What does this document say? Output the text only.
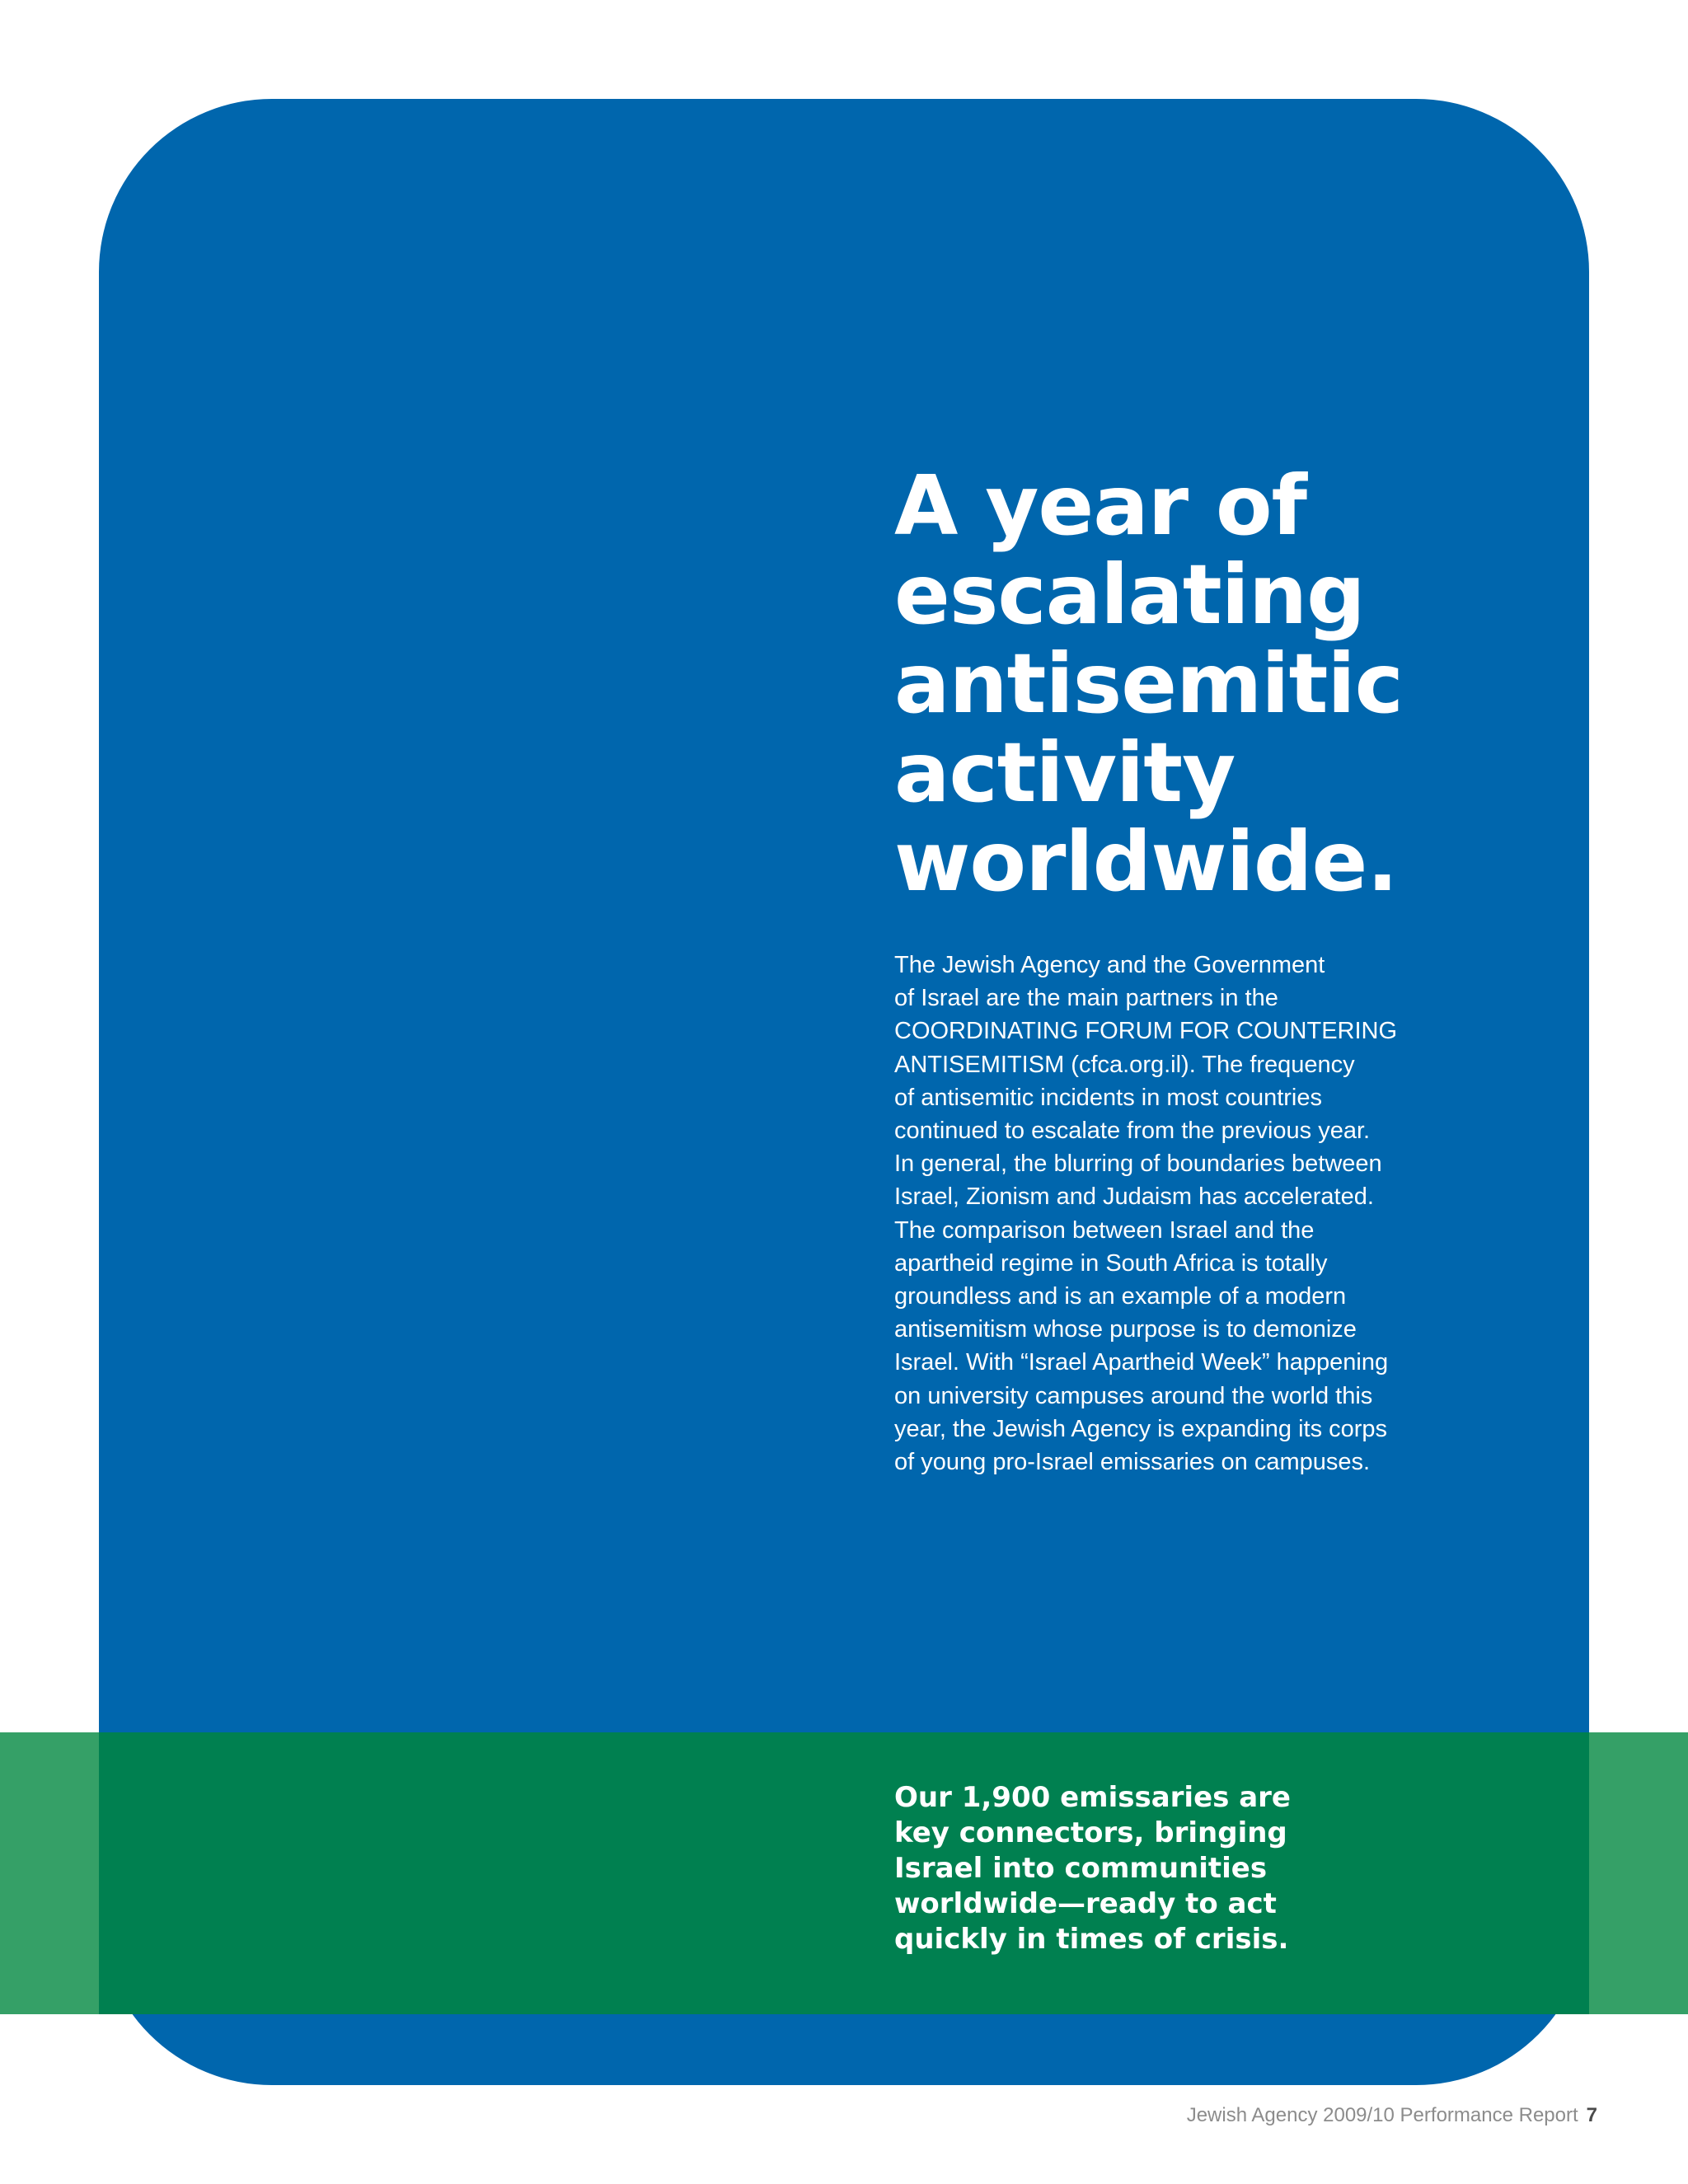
A year of
escalating
antisemitic
activity
worldwide.
The Jewish Agency and the Government
of Israel are the main partners in the
COORDINATING FORUM FOR COUNTERING
ANTISEMITISM (cfca.org.il). The frequency
of antisemitic incidents in most countries
continued to escalate from the previous year.
In general, the blurring of boundaries between
Israel, Zionism and Judaism has accelerated.
The comparison between Israel and the
apartheid regime in South Africa is totally
groundless and is an example of a modern
antisemitism whose purpose is to demonize
Israel. With “Israel Apartheid Week” happening
on university campuses around the world this
year, the Jewish Agency is expanding its corps
of young pro-Israel emissaries on campuses.
Our 1,900 emissaries are
key connectors, bringing
Israel into communities
worldwide—ready to act
quickly in times of crisis.
Jewish Agency 2009/10 Performance Report 7
